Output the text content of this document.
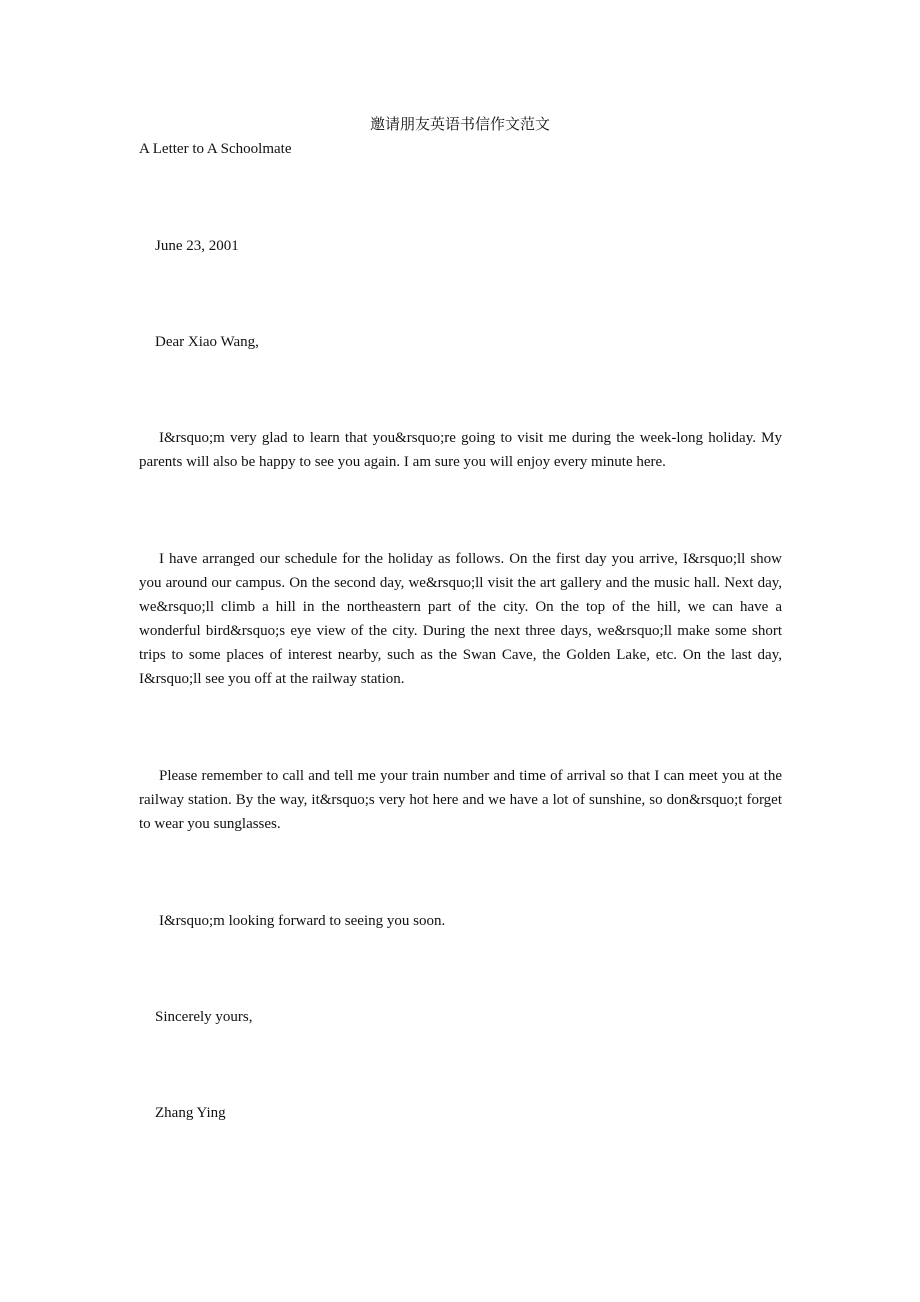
邀请朋友英语书信作文范文
A Letter to A Schoolmate
June 23, 2001
Dear Xiao Wang,

I&rsquo;m very glad to learn that you&rsquo;re going to visit me during the week-long holiday. My parents will also be happy to see you again. I am sure you will enjoy every minute here.

I have arranged our schedule for the holiday as follows. On the first day you arrive, I&rsquo;ll show you around our campus. On the second day, we&rsquo;ll visit the art gallery and the music hall. Next day, we&rsquo;ll climb a hill in the northeastern part of the city. On the top of the hill, we can have a wonderful bird&rsquo;s eye view of the city. During the next three days, we&rsquo;ll make some short trips to some places of interest nearby, such as the Swan Cave, the Golden Lake, etc. On the last day, I&rsquo;ll see you off at the railway station.

Please remember to call and tell me your train number and time of arrival so that I can meet you at the railway station. By the way, it&rsquo;s very hot here and we have a lot of sunshine, so don&rsquo;t forget to wear you sunglasses.

I&rsquo;m looking forward to seeing you soon.

Sincerely yours,
Zhang Ying
